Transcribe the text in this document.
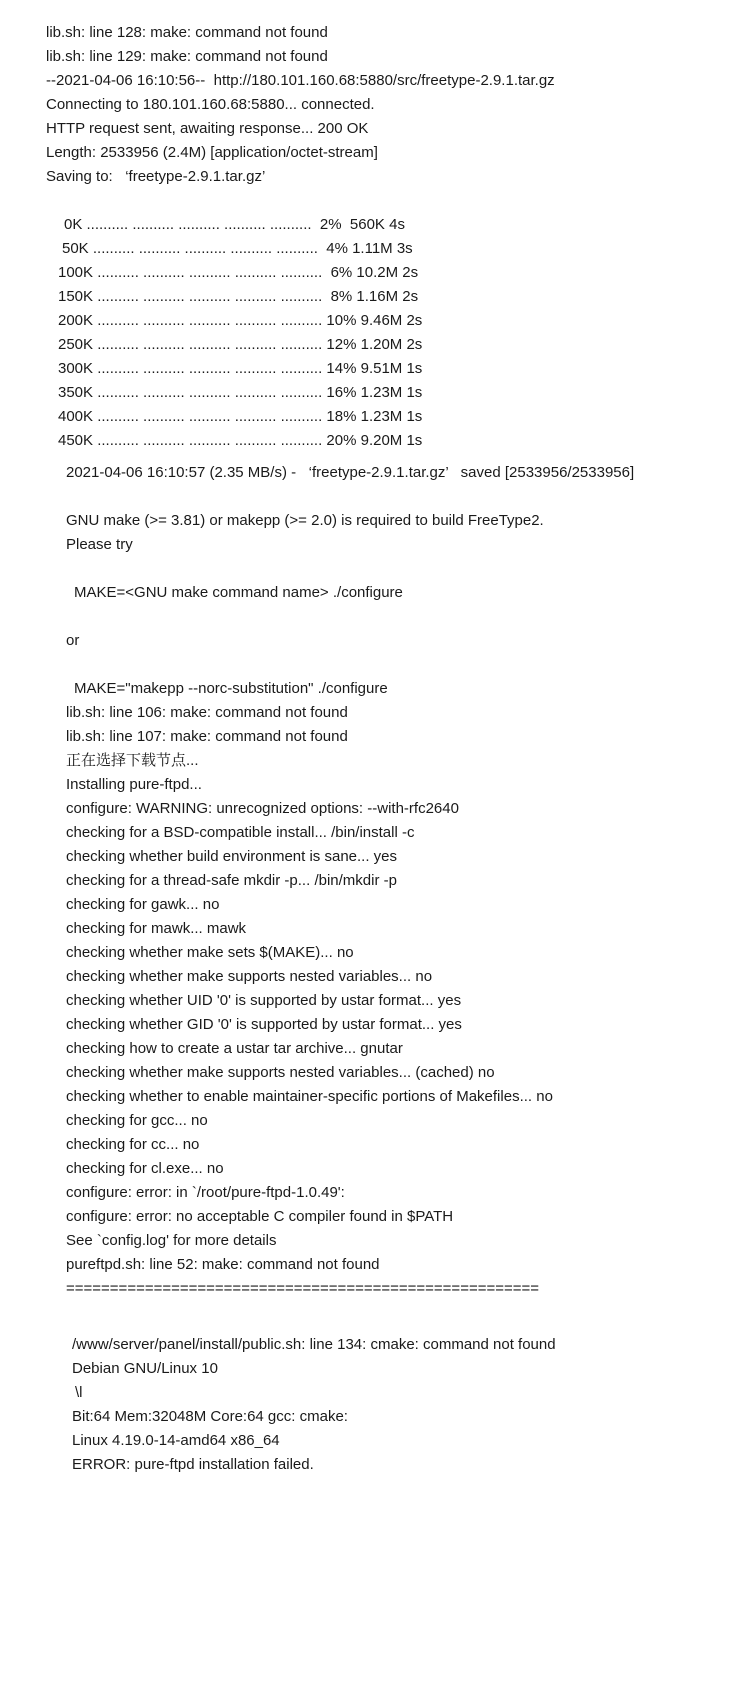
lib.sh: line 128: make: command not found
lib.sh: line 129: make: command not found
--2021-04-06 16:10:56--  http://180.101.160.68:5880/src/freetype-2.9.1.tar.gz
Connecting to 180.101.160.68:5880... connected.
HTTP request sent, awaiting response... 200 OK
Length: 2533956 (2.4M) [application/octet-stream]
Saving to:   ‘freetype-2.9.1.tar.gz’
0K .......... .......... .......... .......... ..........  2%  560K 4s
50K .......... .......... .......... .......... ..........  4% 1.11M 3s
100K .......... .......... .......... .......... ..........  6% 10.2M 2s
150K .......... .......... .......... .......... ..........  8% 1.16M 2s
200K .......... .......... .......... .......... .......... 10% 9.46M 2s
250K .......... .......... .......... .......... .......... 12% 1.20M 2s
300K .......... .......... .......... .......... .......... 14% 9.51M 1s
350K .......... .......... .......... .......... .......... 16% 1.23M 1s
400K .......... .......... .......... .......... .......... 18% 1.23M 1s
450K .......... .......... .......... .......... .......... 20% 9.20M 1s
2021-04-06 16:10:57 (2.35 MB/s) -   ‘freetype-2.9.1.tar.gz’   saved [2533956/2533956]
GNU make (>= 3.81) or makepp (>= 2.0) is required to build FreeType2.
Please try
MAKE=<GNU make command name> ./configure
or
MAKE="makepp --norc-substitution" ./configure
lib.sh: line 106: make: command not found
lib.sh: line 107: make: command not found
正在选择下载节点...
Installing pure-ftpd...
configure: WARNING: unrecognized options: --with-rfc2640
checking for a BSD-compatible install... /bin/install -c
checking whether build environment is sane... yes
checking for a thread-safe mkdir -p... /bin/mkdir -p
checking for gawk... no
checking for mawk... mawk
checking whether make sets $(MAKE)... no
checking whether make supports nested variables... no
checking whether UID '0' is supported by ustar format... yes
checking whether GID '0' is supported by ustar format... yes
checking how to create a ustar tar archive... gnutar
checking whether make supports nested variables... (cached) no
checking whether to enable maintainer-specific portions of Makefiles... no
checking for gcc... no
checking for cc... no
checking for cl.exe... no
configure: error: in `/root/pure-ftpd-1.0.49':
configure: error: no acceptable C compiler found in $PATH
See `config.log' for more details
pureftpd.sh: line 52: make: command not found
======================================================
/www/server/panel/install/public.sh: line 134: cmake: command not found
Debian GNU/Linux 10
\l
Bit:64 Mem:32048M Core:64 gcc: cmake:
Linux 4.19.0-14-amd64 x86_64
ERROR: pure-ftpd installation failed.
